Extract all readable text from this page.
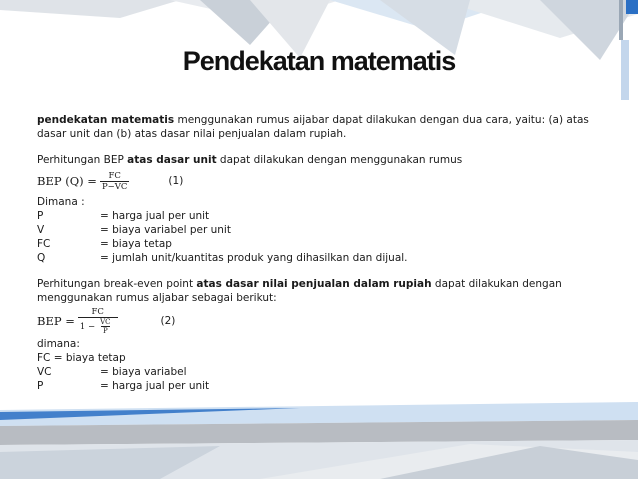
Pendekatan matematis

pendekatan matematis menggunakan rumus aijabar dapat dilakukan dengan dua cara, yaitu: (a) atas dasar unit dan (b) atas dasar nilai penjualan dalam rupiah.

Perhitungan BEP atas dasar unit dapat dilakukan dengan menggunakan rumus

BEP $(Q) = \frac{FC}{P-VC}$	(1)

Dimana :

P	= harga jual per unit
V	= biaya variabel per unit
FC	= biaya tetap
Q	= jumlah unit/kuantitas produk yang dihasilkan dan dijual.

Perhitungan break-even point atas dasar nilai penjualan dalam rupiah dapat dilakukan dengan menggunakan rumus aljabar sebagai berikut:

BEP = $\frac{FC}{1 - \frac{VC}{P}}$	(2)

dimana:

FC = biaya tetap

VC	= biaya variabel
P	= harga jual per unit
